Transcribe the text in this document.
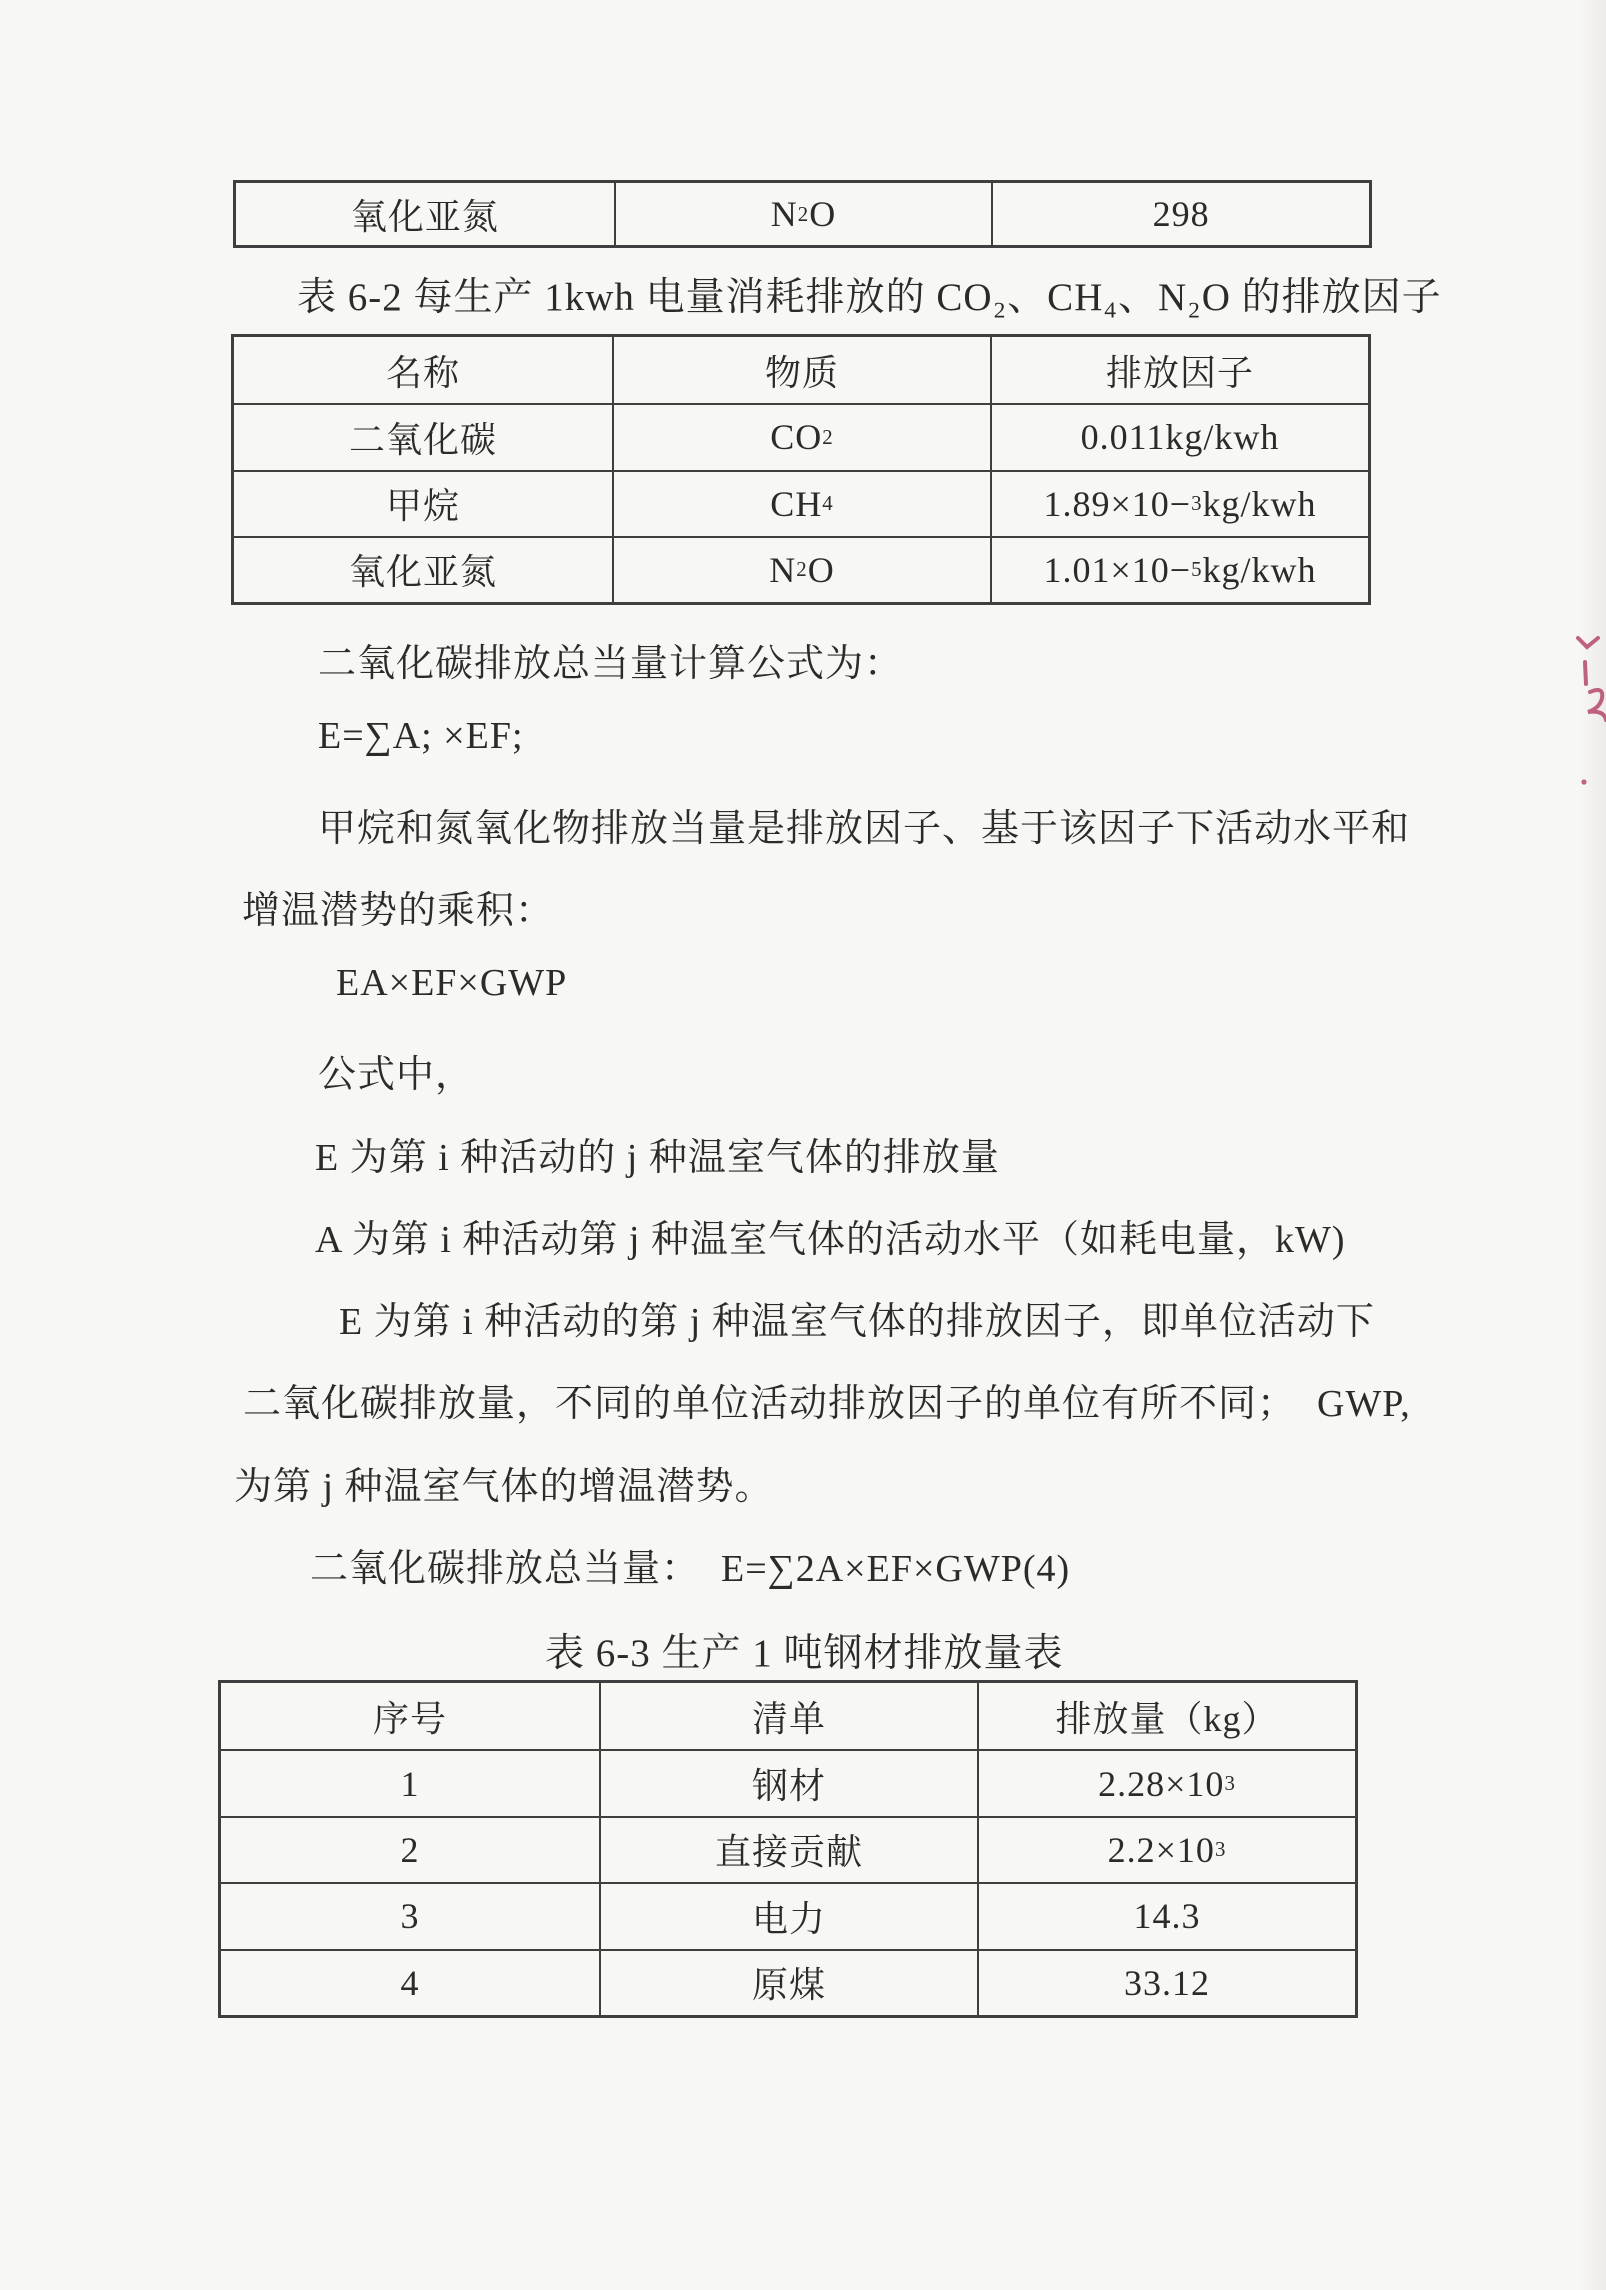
氧化亚氮	N 2 O	298
表 6-2 每生产 1kwh 电量消耗排放的 CO₂、CH₄、N₂O 的排放因子
名称	物质	排放因子
二氧化碳	CO 2	0.011 kg/kwh
甲烷	CH 4	1.89×10− 3 kg/kwh
氧化亚氮	N 2 O	1.01×10− 5 kg/kwh
二氧化碳排放总当量计算公式为：
E=∑A; ×EF;
甲烷和氮氧化物排放当量是排放因子、基于该因子下活动水平和
增温潜势的乘积：
EA×EF×GWP
公式中，
E 为第 i 种活动的 j 种温室气体的排放量
A 为第 i 种活动第 j 种温室气体的活动水平（如耗电量，kW)
E 为第 i 种活动的第 j 种温室气体的排放因子，即单位活动下
二氧化碳排放量，不同的单位活动排放因子的单位有所不同；  GWP,
为第 j 种温室气体的增温潜势。
二氧化碳排放总当量：  E=∑2A×EF×GWP(4)
表 6-3 生产 1 吨钢材排放量表
序号	清单	排放量（kg）
1	钢材	2.28×10 3
2	直接贡献	2.2×10 3
3	电力	14.3
4	原煤	33.12
